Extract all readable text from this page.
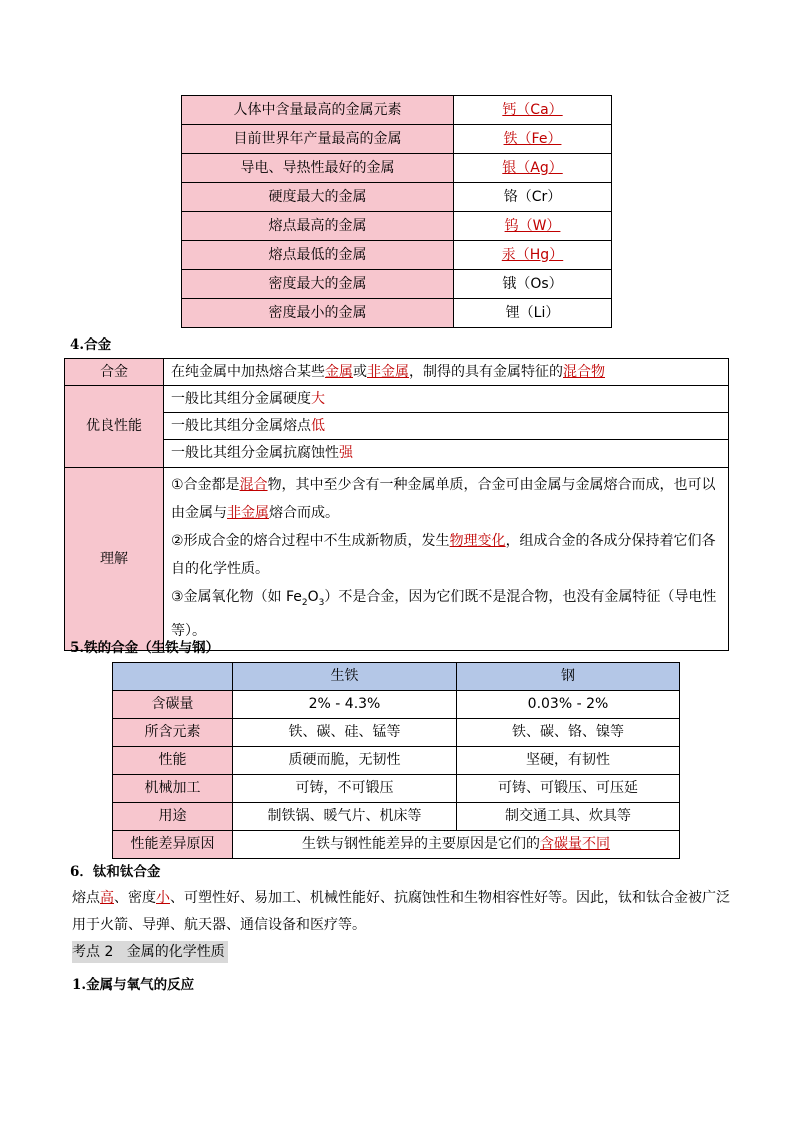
人体中含量最高的金属元素	钙（Ca）
目前世界年产量最高的金属	铁（Fe）
导电、导热性最好的金属	银（Ag）
硬度最大的金属	铬（Cr）
熔点最高的金属	钨（W）
熔点最低的金属	汞（Hg）
密度最大的金属	锇（Os）
密度最小的金属	锂（Li）
4.合金
合金	在纯金属中加热熔合某些金属或非金属，制得的具有金属特征的混合物
优良性能	一般比其组分金属硬度大
	一般比其组分金属熔点低
	一般比其组分金属抗腐蚀性强
理解	①合金都是混合物，其中至少含有一种金属单质，合金可由金属与金属熔合而成，也可以由金属与非金属熔合而成。
②形成合金的熔合过程中不生成新物质，发生物理变化，组成合金的各成分保持着它们各自的化学性质。
③金属氧化物（如 $Fe_2O_3$）不是合金，因为它们既不是混合物，也没有金属特征（导电性等）。
5.铁的合金（生铁与钢）
	生铁	钢
含碳量	2% - 4.3%	0.03% - 2%
所含元素	铁、碳、硅、锰等	铁、碳、铬、镍等
性能	质硬而脆，无韧性	坚硬，有韧性
机械加工	可铸，不可锻压	可铸、可锻压、可压延
用途	制铁锅、暖气片、机床等	制交通工具、炊具等
性能差异原因	生铁与钢性能差异的主要原因是它们的含碳量不同	
6．钛和钛合金
熔点高、密度小、可塑性好、易加工、机械性能好、抗腐蚀性和生物相容性好等。因此，钛和钛合金被广泛用于火箭、导弹、航天器、通信设备和医疗等。
考点 2 金属的化学性质
1.金属与氧气的反应
